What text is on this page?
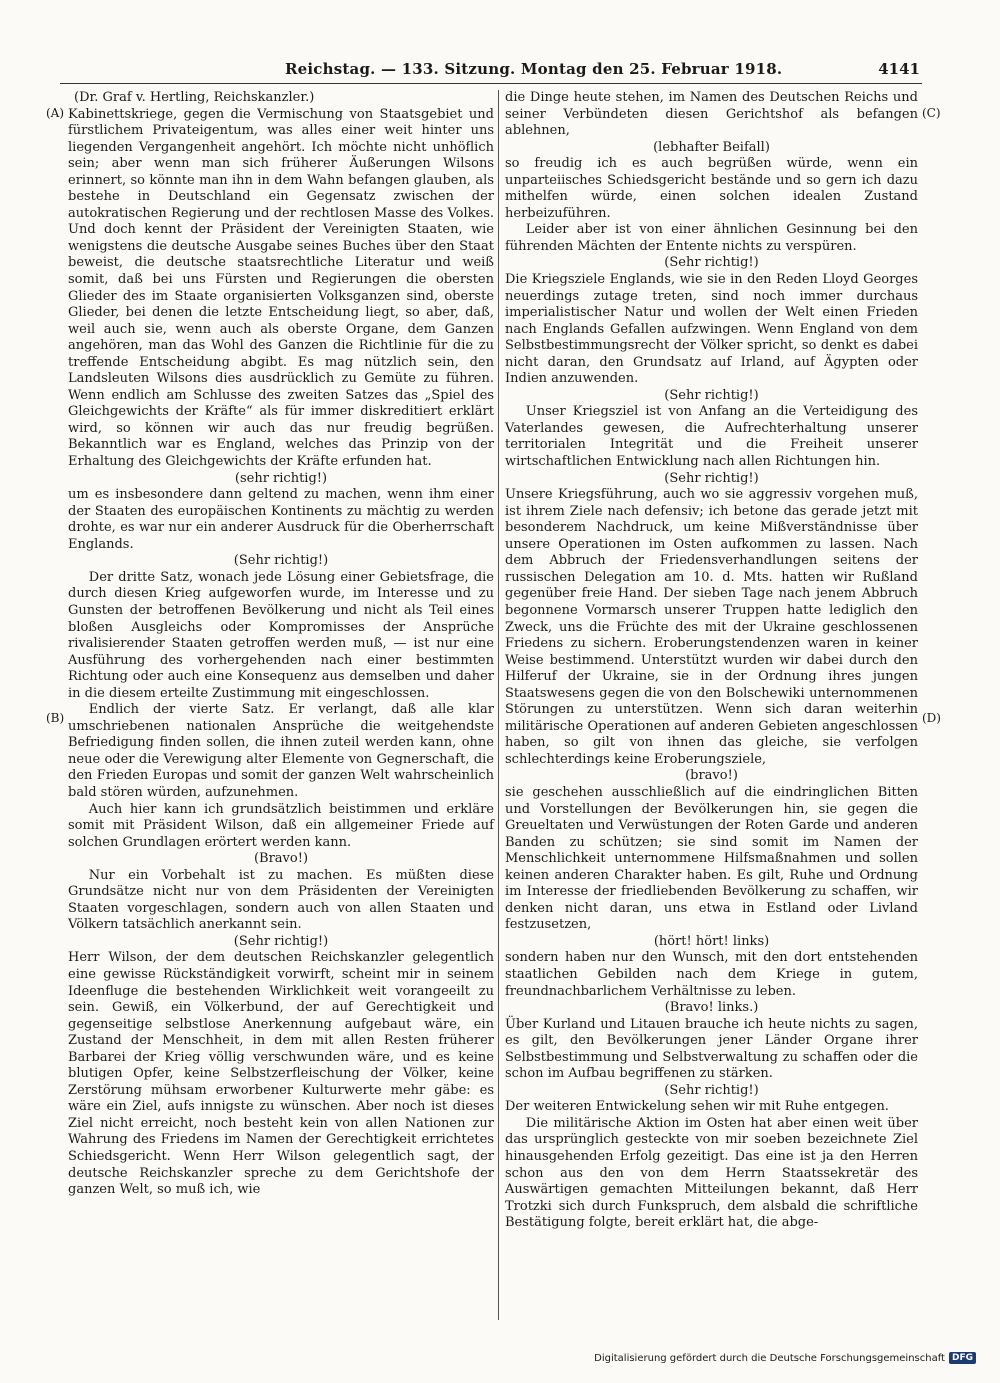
Reichstag. — 133. Sitzung. Montag den 25. Februar 1918.	4141
(A)
(B)
(C)
(D)

(Dr. Graf v. Hertling, Reichskanzler.)

Kabinettskriege, gegen die Vermischung von Staatsgebiet und fürstlichem Privateigentum, was alles einer weit hinter uns liegenden Vergangenheit angehört. Ich möchte nicht unhöflich sein; aber wenn man sich früherer Äußerungen Wilsons erinnert, so könnte man ihn in dem Wahn befangen glauben, als bestehe in Deutschland ein Gegensatz zwischen der autokratischen Regierung und der rechtlosen Masse des Volkes. Und doch kennt der Präsident der Vereinigten Staaten, wie wenigstens die deutsche Ausgabe seines Buches über den Staat beweist, die deutsche staatsrechtliche Literatur und weiß somit, daß bei uns Fürsten und Regierungen die obersten Glieder des im Staate organisierten Volksganzen sind, oberste Glieder, bei denen die letzte Entscheidung liegt, so aber, daß, weil auch sie, wenn auch als oberste Organe, dem Ganzen angehören, man das Wohl des Ganzen die Richtlinie für die zu treffende Entscheidung abgibt. Es mag nützlich sein, den Landsleuten Wilsons dies ausdrücklich zu Gemüte zu führen. Wenn endlich am Schlusse des zweiten Satzes das „Spiel des Gleichgewichts der Kräfte“ als für immer diskreditiert erklärt wird, so können wir auch das nur freudig begrüßen. Bekanntlich war es England, welches das Prinzip von der Erhaltung des Gleichgewichts der Kräfte erfunden hat.

(sehr richtig!)

um es insbesondere dann geltend zu machen, wenn ihm einer der Staaten des europäischen Kontinents zu mächtig zu werden drohte, es war nur ein anderer Ausdruck für die Oberherrschaft Englands.

(Sehr richtig!)

Der dritte Satz, wonach jede Lösung einer Gebietsfrage, die durch diesen Krieg aufgeworfen wurde, im Interesse und zu Gunsten der betroffenen Bevölkerung und nicht als Teil eines bloßen Ausgleichs oder Kompromisses der Ansprüche rivalisierender Staaten getroffen werden muß, — ist nur eine Ausführung des vorhergehenden nach einer bestimmten Richtung oder auch eine Konsequenz aus demselben und daher in die diesem erteilte Zustimmung mit eingeschlossen.

Endlich der vierte Satz. Er verlangt, daß alle klar umschriebenen nationalen Ansprüche die weitgehendste Befriedigung finden sollen, die ihnen zuteil werden kann, ohne neue oder die Verewigung alter Elemente von Gegnerschaft, die den Frieden Europas und somit der ganzen Welt wahrscheinlich bald stören würden, aufzunehmen.

Auch hier kann ich grundsätzlich beistimmen und erkläre somit mit Präsident Wilson, daß ein allgemeiner Friede auf solchen Grundlagen erörtert werden kann.

(Bravo!)

Nur ein Vorbehalt ist zu machen. Es müßten diese Grundsätze nicht nur von dem Präsidenten der Vereinigten Staaten vorgeschlagen, sondern auch von allen Staaten und Völkern tatsächlich anerkannt sein.

(Sehr richtig!)

Herr Wilson, der dem deutschen Reichskanzler gelegentlich eine gewisse Rückständigkeit vorwirft, scheint mir in seinem Ideenfluge die bestehenden Wirklichkeit weit vorangeeilt zu sein. Gewiß, ein Völkerbund, der auf Gerechtigkeit und gegenseitige selbstlose Anerkennung aufgebaut wäre, ein Zustand der Menschheit, in dem mit allen Resten früherer Barbarei der Krieg völlig verschwunden wäre, und es keine blutigen Opfer, keine Selbstzerfleischung der Völker, keine Zerstörung mühsam erworbener Kulturwerte mehr gäbe: es wäre ein Ziel, aufs innigste zu wünschen. Aber noch ist dieses Ziel nicht erreicht, noch besteht kein von allen Nationen zur Wahrung des Friedens im Namen der Gerechtigkeit errichtetes Schiedsgericht. Wenn Herr Wilson gelegentlich sagt, der deutsche Reichskanzler spreche zu dem Gerichtshofe der ganzen Welt, so muß ich, wie

die Dinge heute stehen, im Namen des Deutschen Reichs und seiner Verbündeten diesen Gerichtshof als befangen ablehnen,

(lebhafter Beifall)

so freudig ich es auch begrüßen würde, wenn ein unparteiisches Schiedsgericht bestände und so gern ich dazu mithelfen würde, einen solchen idealen Zustand herbeizuführen.

Leider aber ist von einer ähnlichen Gesinnung bei den führenden Mächten der Entente nichts zu verspüren.

(Sehr richtig!)

Die Kriegsziele Englands, wie sie in den Reden Lloyd Georges neuerdings zutage treten, sind noch immer durchaus imperialistischer Natur und wollen der Welt einen Frieden nach Englands Gefallen aufzwingen. Wenn England von dem Selbstbestimmungsrecht der Völker spricht, so denkt es dabei nicht daran, den Grundsatz auf Irland, auf Ägypten oder Indien anzuwenden.

(Sehr richtig!)

Unser Kriegsziel ist von Anfang an die Verteidigung des Vaterlandes gewesen, die Aufrechterhaltung unserer territorialen Integrität und die Freiheit unserer wirtschaftlichen Entwicklung nach allen Richtungen hin.

(Sehr richtig!)

Unsere Kriegsführung, auch wo sie aggressiv vorgehen muß, ist ihrem Ziele nach defensiv; ich betone das gerade jetzt mit besonderem Nachdruck, um keine Mißverständnisse über unsere Operationen im Osten aufkommen zu lassen. Nach dem Abbruch der Friedensverhandlungen seitens der russischen Delegation am 10. d. Mts. hatten wir Rußland gegenüber freie Hand. Der sieben Tage nach jenem Abbruch begonnene Vormarsch unserer Truppen hatte lediglich den Zweck, uns die Früchte des mit der Ukraine geschlossenen Friedens zu sichern. Eroberungstendenzen waren in keiner Weise bestimmend. Unterstützt wurden wir dabei durch den Hilferuf der Ukraine, sie in der Ordnung ihres jungen Staatswesens gegen die von den Bolschewiki unternommenen Störungen zu unterstützen. Wenn sich daran weiterhin militärische Operationen auf anderen Gebieten angeschlossen haben, so gilt von ihnen das gleiche, sie verfolgen schlechterdings keine Eroberungsziele,

(bravo!)

sie geschehen ausschließlich auf die eindringlichen Bitten und Vorstellungen der Bevölkerungen hin, sie gegen die Greueltaten und Verwüstungen der Roten Garde und anderen Banden zu schützen; sie sind somit im Namen der Menschlichkeit unternommene Hilfsmaßnahmen und sollen keinen anderen Charakter haben. Es gilt, Ruhe und Ordnung im Interesse der friedliebenden Bevölkerung zu schaffen, wir denken nicht daran, uns etwa in Estland oder Livland festzusetzen,

(hört! hört! links)

sondern haben nur den Wunsch, mit den dort entstehenden staatlichen Gebilden nach dem Kriege in gutem, freundnachbarlichem Verhältnisse zu leben.

(Bravo! links.)

Über Kurland und Litauen brauche ich heute nichts zu sagen, es gilt, den Bevölkerungen jener Länder Organe ihrer Selbstbestimmung und Selbstverwaltung zu schaffen oder die schon im Aufbau begriffenen zu stärken.

(Sehr richtig!)

Der weiteren Entwickelung sehen wir mit Ruhe entgegen.

Die militärische Aktion im Osten hat aber einen weit über das ursprünglich gesteckte von mir soeben bezeichnete Ziel hinausgehenden Erfolg gezeitigt. Das eine ist ja den Herren schon aus den von dem Herrn Staatssekretär des Auswärtigen gemachten Mitteilungen bekannt, daß Herr Trotzki sich durch Funkspruch, dem alsbald die schriftliche Bestätigung folgte, bereit erklärt hat, die abge-

Digitalisierung gefördert durch die Deutsche Forschungsgemeinschaft DFG
